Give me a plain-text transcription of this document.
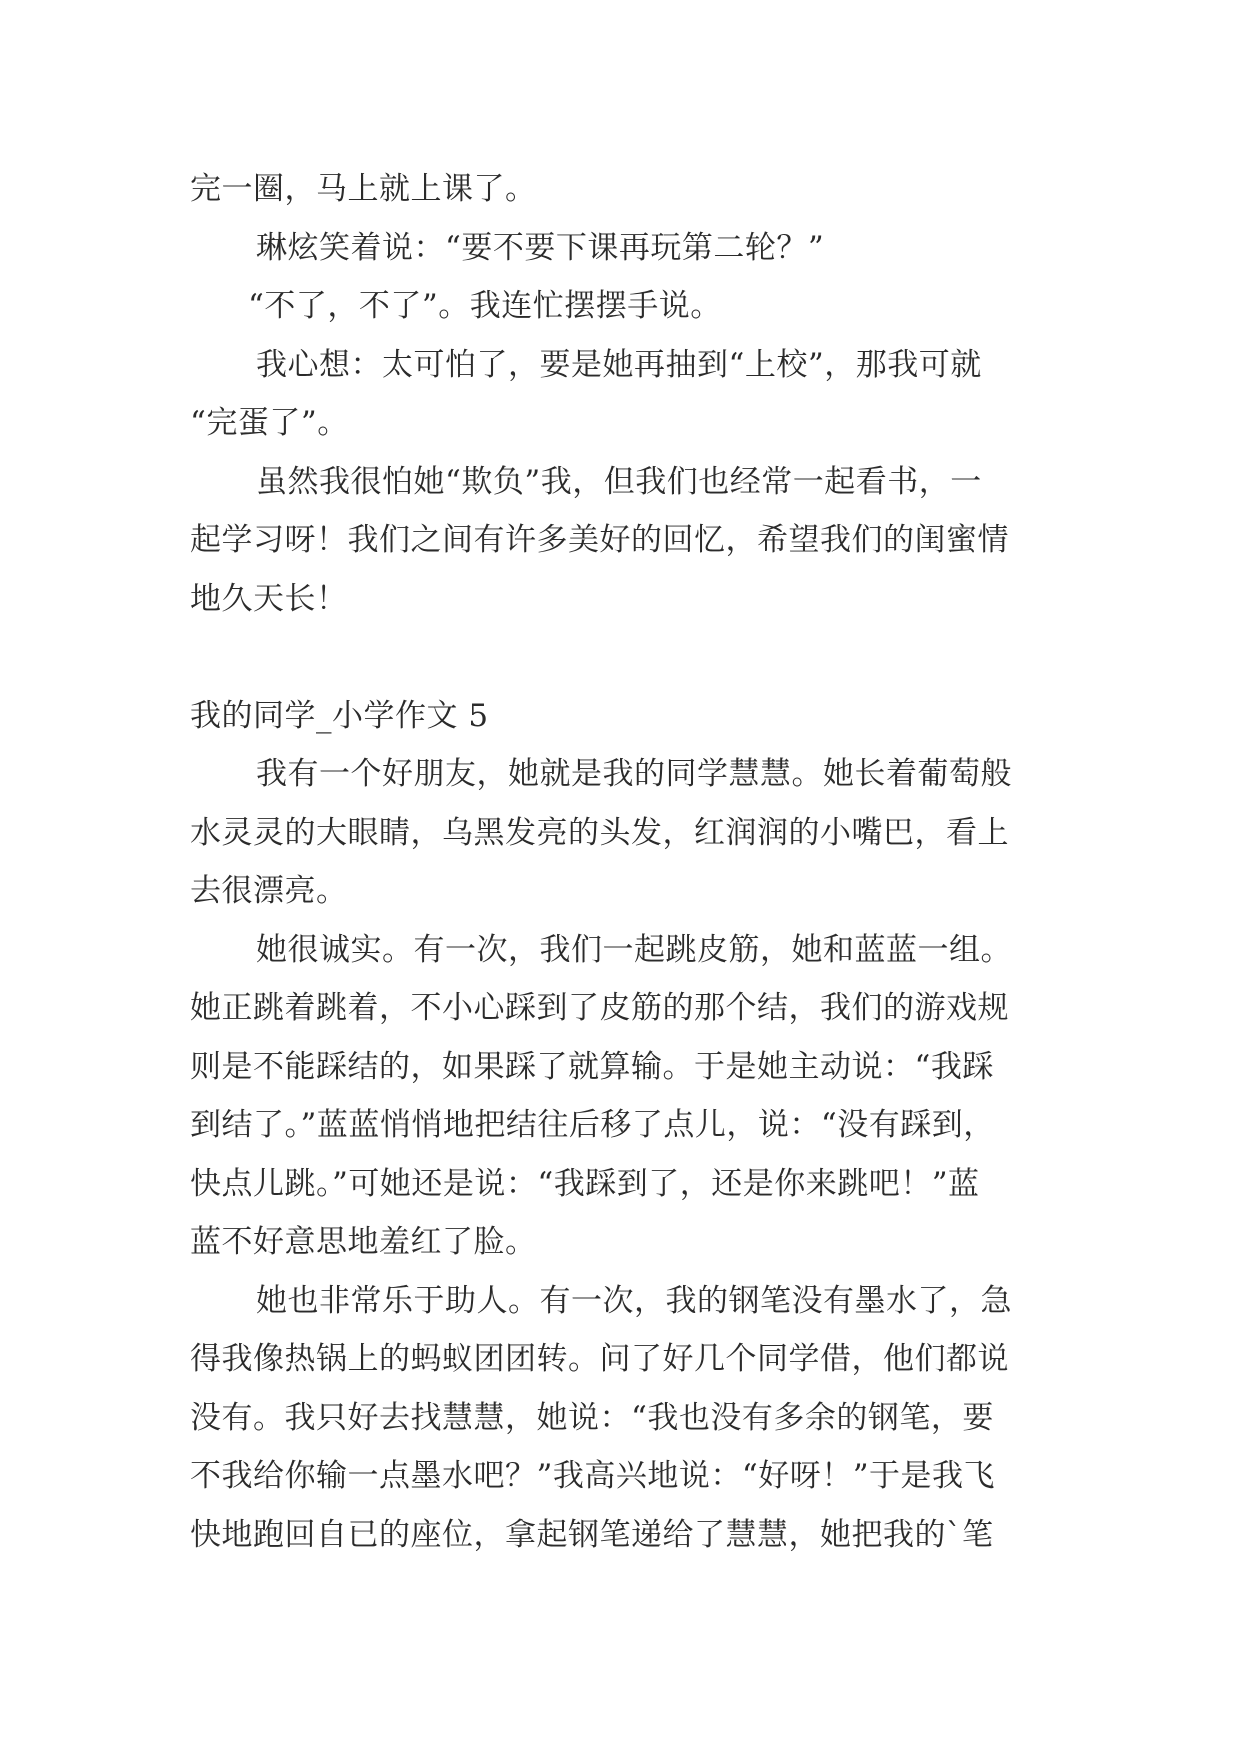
完一圈，马上就上课了。
琳炫笑着说：“要不要下课再玩第二轮？”
“不了，不了”。我连忙摆摆手说。
我心想：太可怕了，要是她再抽到“上校”，那我可就
“完蛋了”。
虽然我很怕她“欺负”我，但我们也经常一起看书，一
起学习呀！我们之间有许多美好的回忆，希望我们的闺蜜情
地久天长！
我的同学_小学作文 5
我有一个好朋友，她就是我的同学慧慧。她长着葡萄般
水灵灵的大眼睛，乌黑发亮的头发，红润润的小嘴巴，看上
去很漂亮。
她很诚实。有一次，我们一起跳皮筋，她和蓝蓝一组。
她正跳着跳着，不小心踩到了皮筋的那个结，我们的游戏规
则是不能踩结的，如果踩了就算输。于是她主动说：“我踩
到结了。”蓝蓝悄悄地把结往后移了点儿，说：“没有踩到，
快点儿跳。”可她还是说：“我踩到了，还是你来跳吧！”蓝
蓝不好意思地羞红了脸。
她也非常乐于助人。有一次，我的钢笔没有墨水了，急
得我像热锅上的蚂蚁团团转。问了好几个同学借，他们都说
没有。我只好去找慧慧，她说：“我也没有多余的钢笔，要
不我给你输一点墨水吧？”我高兴地说：“好呀！”于是我飞
快地跑回自已的座位，拿起钢笔递给了慧慧，她把我的`笔
